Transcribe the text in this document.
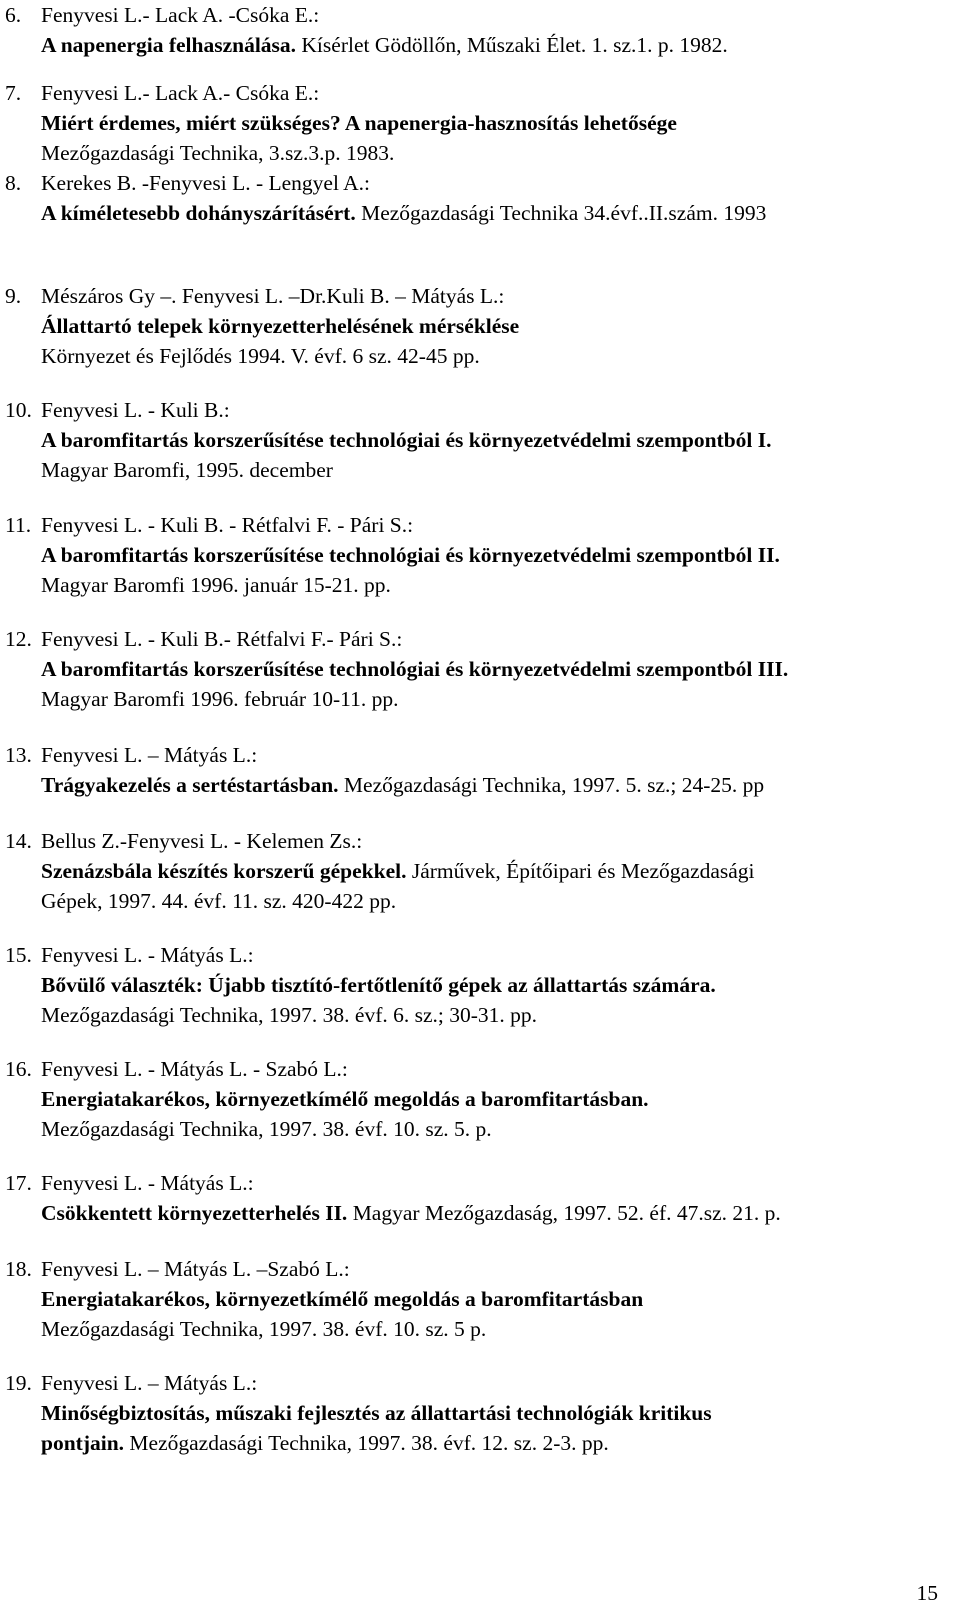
6. Fenyvesi L.- Lack A. -Csóka E.:
A napenergia felhasználása. Kísérlet Gödöllőn, Műszaki Élet. 1. sz.1. p. 1982.
7. Fenyvesi L.- Lack A.- Csóka E.:
Miért érdemes, miért szükséges? A napenergia-hasznosítás lehetősége
Mezőgazdasági Technika, 3.sz.3.p. 1983.
8. Kerekes B. -Fenyvesi L. - Lengyel A.:
A kíméletesebb dohányszárításért. Mezőgazdasági Technika 34.évf..II.szám. 1993
9. Mészáros Gy –. Fenyvesi L. –Dr.Kuli B. – Mátyás L.:
Állattartó telepek környezetterhelésének mérséklése
Környezet és Fejlődés 1994. V. évf. 6 sz. 42-45 pp.
10. Fenyvesi L. - Kuli B.:
A baromfitartás korszerűsítése technológiai és környezetvédelmi szempontból I.
Magyar Baromfi, 1995. december
11. Fenyvesi L. - Kuli B. - Rétfalvi F. - Pári S.:
A baromfitartás korszerűsítése technológiai és környezetvédelmi szempontból II.
Magyar Baromfi 1996. január 15-21. pp.
12. Fenyvesi L. - Kuli B.- Rétfalvi F.- Pári S.:
A baromfitartás korszerűsítése technológiai és környezetvédelmi szempontból III.
Magyar Baromfi 1996. február 10-11. pp.
13. Fenyvesi L. – Mátyás L.:
Trágyakezelés a sertéstartásban. Mezőgazdasági Technika, 1997. 5. sz.; 24-25. pp
14. Bellus Z.-Fenyvesi L. - Kelemen Zs.:
Szenázsbála készítés korszerű gépekkel. Járművek, Építőipari és Mezőgazdasági
Gépek, 1997. 44. évf. 11. sz. 420-422 pp.
15. Fenyvesi L. - Mátyás L.:
Bővülő választék: Újabb tisztító-fertőtlenítő gépek az állattartás számára.
Mezőgazdasági Technika, 1997. 38. évf. 6. sz.; 30-31. pp.
16. Fenyvesi L. - Mátyás L. - Szabó L.:
Energiatakarékos, környezetkímélő megoldás a baromfitartásban.
Mezőgazdasági Technika, 1997. 38. évf. 10. sz. 5. p.
17. Fenyvesi L. - Mátyás L.:
Csökkentett környezetterhelés II. Magyar Mezőgazdaság, 1997. 52. éf. 47.sz. 21. p.
18. Fenyvesi L. – Mátyás L. –Szabó L.:
Energiatakarékos, környezetkímélő megoldás a baromfitartásban
Mezőgazdasági Technika, 1997. 38. évf. 10. sz. 5 p.
19. Fenyvesi L. – Mátyás L.:
Minőségbiztosítás, műszaki fejlesztés az állattartási technológiák kritikus
pontjain. Mezőgazdasági Technika, 1997. 38. évf. 12. sz. 2-3. pp.
15
